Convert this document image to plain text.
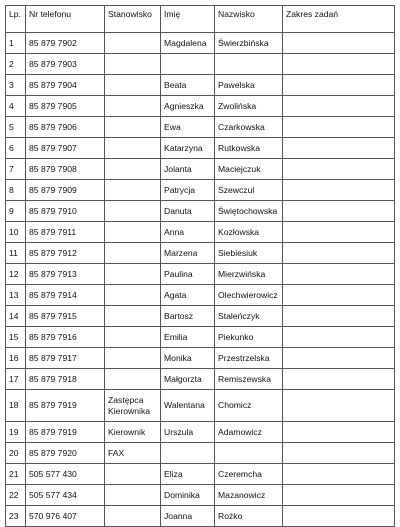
Lp.	Nr telefonu	Stanowisko	Imię	Nazwisko	Zakres zadań
1	85 879 7902		Magdalena	Świerzbińska	
2	85 879 7903				
3	85 879 7904		Beata	Pawelska	
4	85 879 7905		Agnieszka	Zwolińska	
5	85 879 7906		Ewa	Czarkowska	
6	85 879 7907		Katarzyna	Rutkowska	
7	85 879 7908		Jolanta	Maciejczuk	
8	85 879 7909		Patrycja	Szewczul	
9	85 879 7910		Danuta	Świętochowska	
10	85 879 7911		Anna	Kozłowska	
11	85 879 7912		Marzena	Siebiesiuk	
12	85 879 7913		Paulina	Mierzwińska	
13	85 879 7914		Agata	Olechwierowicz	
14	85 879 7915		Bartosz	Staleńczyk	
15	85 879 7916		Emilia	Piekunko	
16	85 879 7917		Monika	Przestrzelska	
17	85 879 7918		Małgorzta	Remiszewska	
18	85 879 7919	Zastępca Kierownika	Walentana	Chomicz	
19	85 879 7919	Kierownik	Urszula	Adamowicz	
20	85 879 7920	FAX			
21	505 577 430		Eliza	Czeremcha	
22	505 577 434		Dominika	Mazanowicz	
23	570 976 407		Joanna	Rożko	
